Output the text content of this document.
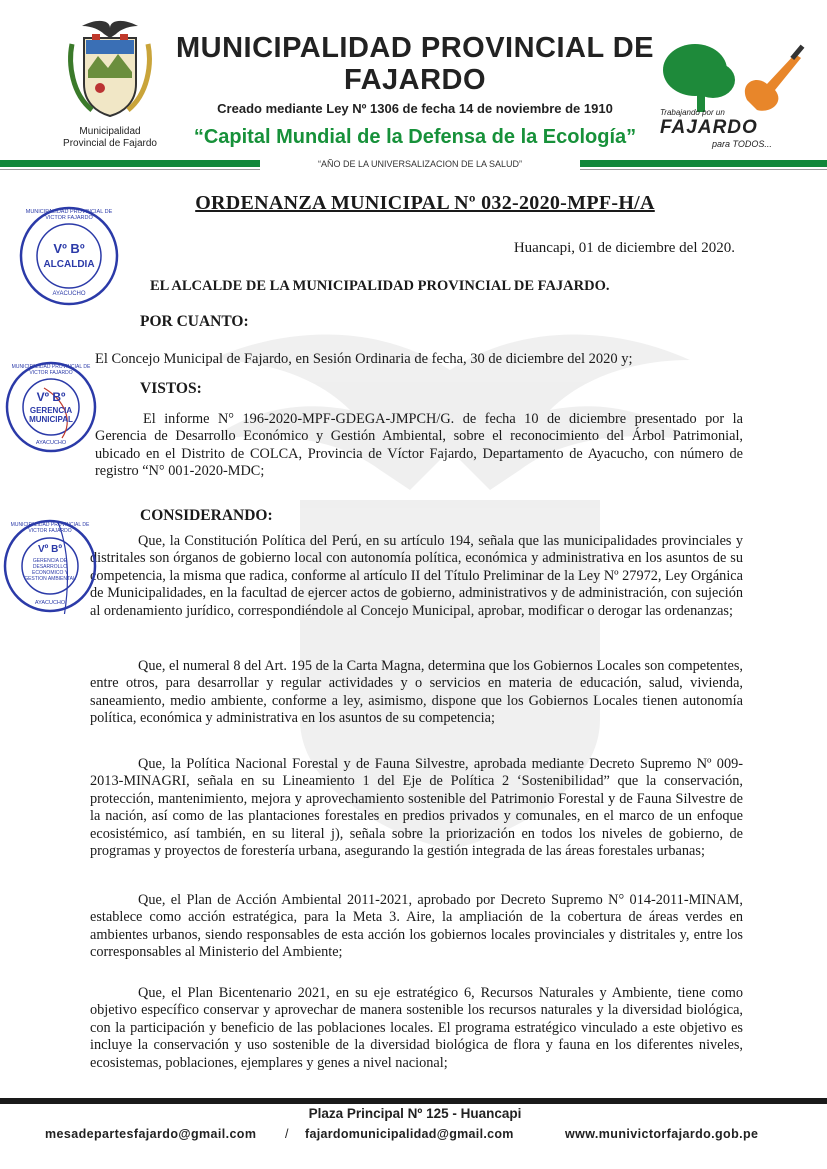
Municipalidad
Provincial de Fajardo
MUNICIPALIDAD PROVINCIAL DE
FAJARDO
Creado mediante Ley Nº 1306 de fecha 14 de noviembre de 1910
“Capital Mundial de la Defensa de la Ecología”
Trabajando por un
FAJARDO
para TODOS...
“AÑO DE LA UNIVERSALIZACION DE LA SALUD”
ORDENANZA MUNICIPAL Nº 032-2020-MPF-H/A
Huancapi, 01 de diciembre del 2020.
EL ALCALDE DE LA MUNICIPALIDAD PROVINCIAL DE FAJARDO.
POR CUANTO:
El Concejo Municipal de Fajardo, en Sesión Ordinaria de fecha, 30 de diciembre del 2020 y;
VISTOS:

El informe N° 196-2020-MPF-GDEGA-JMPCH/G. de fecha 10 de diciembre presentado por la Gerencia de Desarrollo Económico y Gestión Ambiental, sobre el reconocimiento del Árbol Patrimonial, ubicado en el Distrito de COLCA, Provincia de Víctor Fajardo, Departamento de Ayacucho, con número de registro “N° 001-2020-MDC;

CONSIDERANDO:

Que, la Constitución Política del Perú, en su artículo 194, señala que las municipalidades provinciales y distritales son órganos de gobierno local con autonomía política, económica y administrativa en los asuntos de su competencia, la misma que radica, conforme al artículo II del Título Preliminar de la Ley Nº 27972, Ley Orgánica de Municipalidades, en la facultad de ejercer actos de gobierno, administrativos y de administración, con sujeción al ordenamiento jurídico, correspondiéndole al Concejo Municipal, aprobar, modificar o derogar las ordenanzas;

Que, el numeral 8 del Art. 195 de la Carta Magna, determina que los Gobiernos Locales son competentes, entre otros, para desarrollar y regular actividades y o servicios en materia de educación, salud, vivienda, saneamiento, medio ambiente, conforme a ley, asimismo, dispone que los Gobiernos Locales tienen autonomía política, económica y administrativa en los asuntos de su competencia;

Que, la Política Nacional Forestal y de Fauna Silvestre, aprobada mediante Decreto Supremo Nº 009-2013-MINAGRI, señala en su Lineamiento 1 del Eje de Política 2 ‘Sostenibilidad” que la conservación, protección, mantenimiento, mejora y aprovechamiento sostenible del Patrimonio Forestal y de Fauna Silvestre de la nación, así como de las plantaciones forestales en predios privados y comunales, en el marco de un enfoque ecosistémico, así también, en su literal j), señala sobre la priorización en todos los niveles de gobierno, de programas y proyectos de forestería urbana, asegurando la gestión integrada de las áreas forestales urbanas;

Que, el Plan de Acción Ambiental 2011-2021, aprobado por Decreto Supremo N° 014-2011-MINAM, establece como acción estratégica, para la Meta 3. Aire, la ampliación de la cobertura de áreas verdes en ambientes urbanos, siendo responsables de esta acción los gobiernos locales provinciales y distritales y, entre los corresponsables al Ministerio del Ambiente;

Que, el Plan Bicentenario 2021, en su eje estratégico 6, Recursos Naturales y Ambiente, tiene como objetivo específico conservar y aprovechar de manera sostenible los recursos naturales y la diversidad biológica, con la participación y beneficio de las poblaciones locales. El programa estratégico vinculado a este objetivo es incluye la conservación y uso sostenible de la diversidad biológica de flora y fauna en los diferentes niveles, ecosistemas, poblaciones, ejemplares y genes a nivel nacional;

MUNICIPALIDAD PROVINCIAL DE VICTOR FAJARDO
Vº Bº
ALCALDIA
AYACUCHO
MUNICIPALIDAD PROVINCIAL DE VICTOR FAJARDO
Vº Bº
GERENCIA MUNICIPAL
AYACUCHO
MUNICIPALIDAD PROVINCIAL DE VICTOR FAJARDO
Vº Bº
GERENCIA DE DESARROLLO ECONOMICO Y GESTION AMBIENTAL
AYACUCHO
Plaza Principal Nº 125 - Huancapi
mesadepartesfajardo@gmail.com / fajardomunicipalidad@gmail.com	www.munivictorfajardo.gob.pe
